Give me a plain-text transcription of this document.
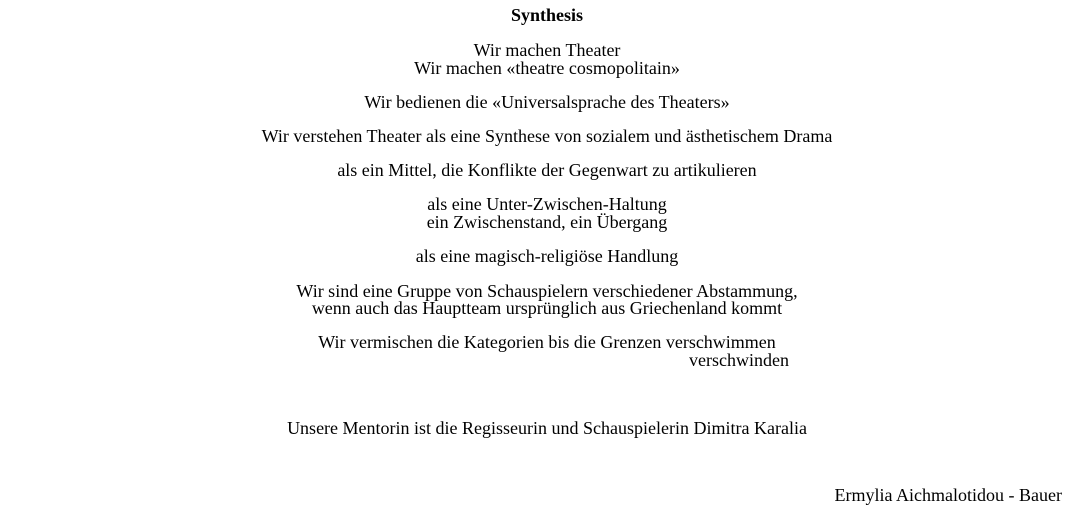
Synthesis
Wir machen Theater
Wir machen «theatre cosmopolitain»
Wir bedienen die «Universalsprache des Theaters»
Wir verstehen Theater als eine Synthese von sozialem und ästhetischem Drama
als ein Mittel, die Konflikte der Gegenwart zu artikulieren
als eine Unter-Zwischen-Haltung
ein Zwischenstand, ein Übergang
als eine magisch-religiöse Handlung
Wir sind eine Gruppe von Schauspielern verschiedener Abstammung,
wenn auch das Hauptteam ursprünglich aus Griechenland kommt
Wir vermischen die Kategorien bis die Grenzen verschwimmen
verschwinden
Unsere Mentorin ist die Regisseurin und Schauspielerin Dimitra Karalia
Ermylia Aichmalotidou - Bauer
